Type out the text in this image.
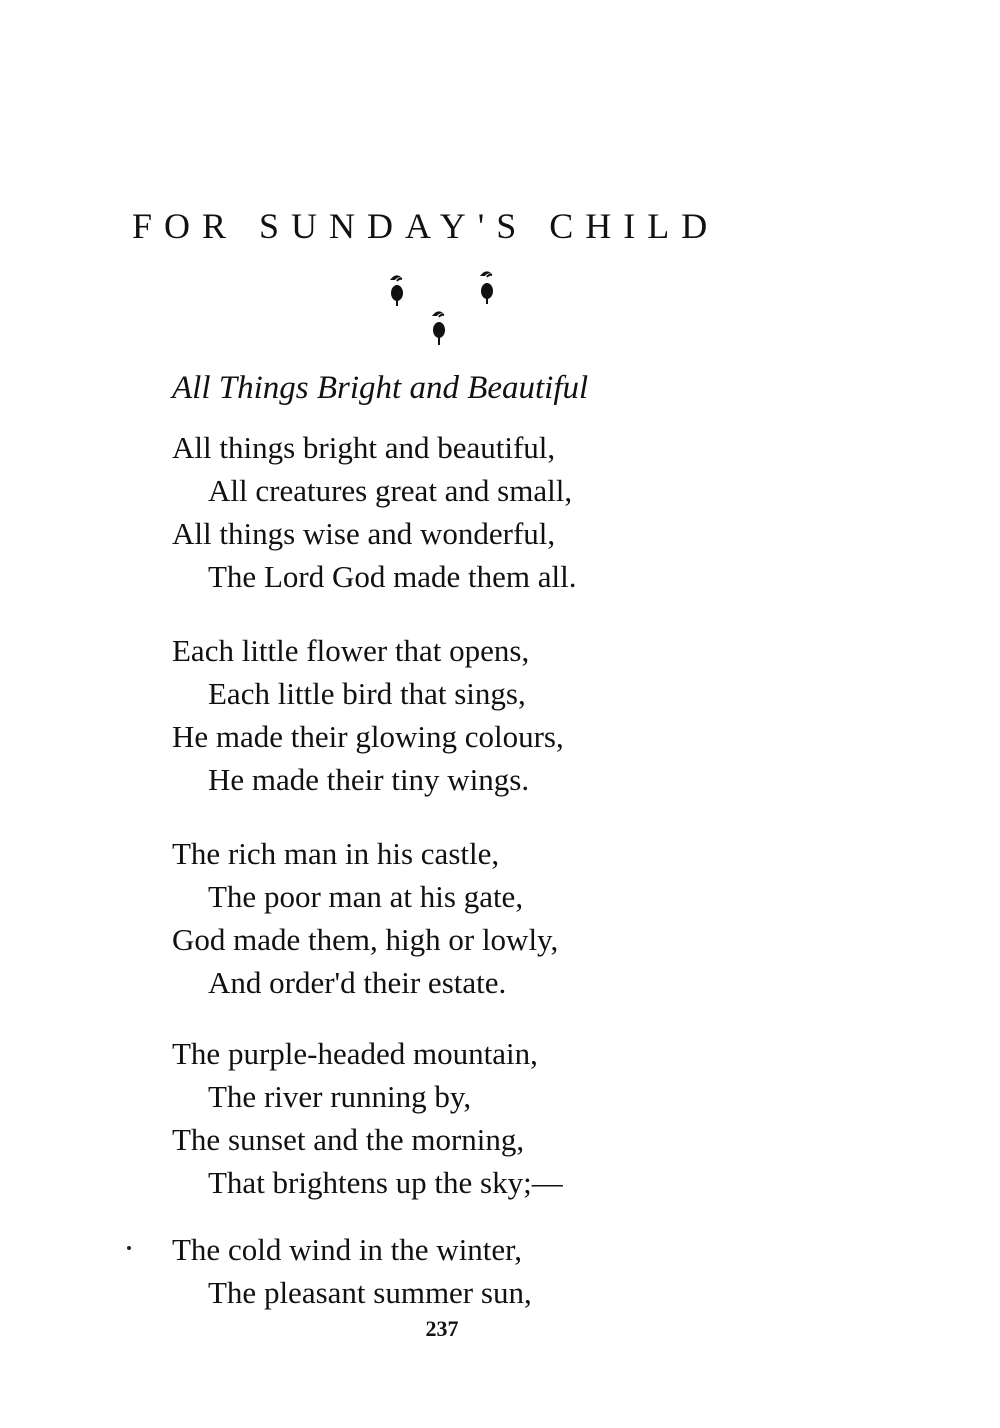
FOR SUNDAY'S CHILD
All Things Bright and Beautiful
All things bright and beautiful,
All creatures great and small,
All things wise and wonderful,
The Lord God made them all.
Each little flower that opens,
Each little bird that sings,
He made their glowing colours,
He made their tiny wings.
The rich man in his castle,
The poor man at his gate,
God made them, high or lowly,
And order'd their estate.
The purple-headed mountain,
The river running by,
The sunset and the morning,
That brightens up the sky;—
The cold wind in the winter,
The pleasant summer sun,
237
